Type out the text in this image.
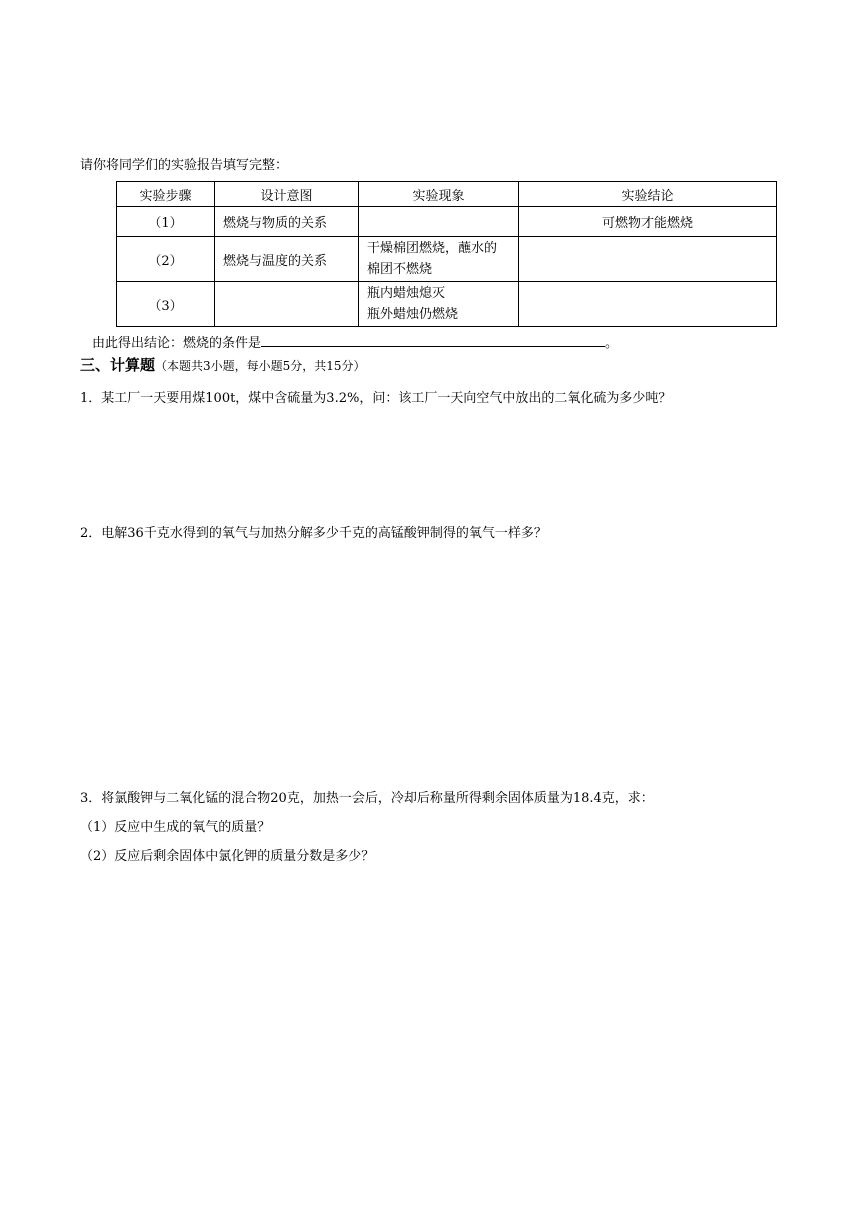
请你将同学们的实验报告填写完整：
实验步骤	设计意图	实验现象	实验结论
（1）	燃烧与物质的关系		可燃物才能燃烧
（2）	燃烧与温度的关系	干燥棉团燃烧，蘸水的
棉团不燃烧	

（3）		瓶内蜡烛熄灭
瓶外蜡烛仍燃烧	

由此得出结论：燃烧的条件是	。
三、计算题（本题共3小题，每小题5分，共15分）
1．某工厂一天要用煤100t，煤中含硫量为3.2%，问：该工厂一天向空气中放出的二氧化硫为多少吨？
2．电解36千克水得到的氧气与加热分解多少千克的高锰酸钾制得的氧气一样多？
3．将氯酸钾与二氧化锰的混合物20克，加热一会后，冷却后称量所得剩余固体质量为18.4克，求：
（1）反应中生成的氧气的质量？
（2）反应后剩余固体中氯化钾的质量分数是多少？
